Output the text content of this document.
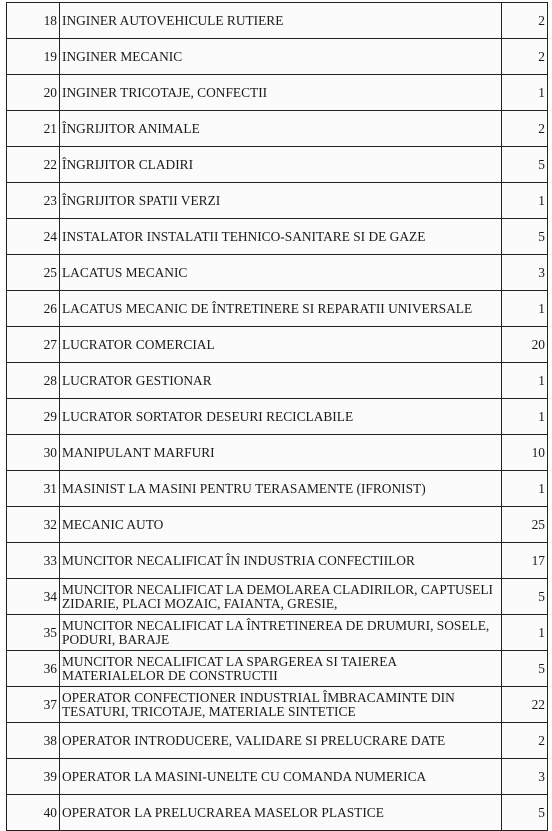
18	INGINER AUTOVEHICULE RUTIERE	2
19	INGINER MECANIC	2
20	INGINER TRICOTAJE, CONFECTII	1
21	ÎNGRIJITOR ANIMALE	2
22	ÎNGRIJITOR CLADIRI	5
23	ÎNGRIJITOR SPATII VERZI	1
24	INSTALATOR INSTALATII TEHNICO-SANITARE SI DE GAZE	5
25	LACATUS MECANIC	3
26	LACATUS MECANIC DE ÎNTRETINERE SI REPARATII UNIVERSALE	1
27	LUCRATOR COMERCIAL	20
28	LUCRATOR GESTIONAR	1
29	LUCRATOR SORTATOR DESEURI RECICLABILE	1
30	MANIPULANT MARFURI	10
31	MASINIST LA MASINI PENTRU TERASAMENTE (IFRONIST)	1
32	MECANIC AUTO	25
33	MUNCITOR NECALIFICAT ÎN INDUSTRIA CONFECTIILOR	17
34	MUNCITOR NECALIFICAT LA DEMOLAREA CLADIRILOR, CAPTUSELI ZIDARIE, PLACI MOZAIC, FAIANTA, GRESIE,	5
35	MUNCITOR NECALIFICAT LA ÎNTRETINEREA DE DRUMURI, SOSELE, PODURI, BARAJE	1
36	MUNCITOR NECALIFICAT LA SPARGEREA SI TAIEREA MATERIALELOR DE CONSTRUCTII	5
37	OPERATOR CONFECTIONER INDUSTRIAL ÎMBRACAMINTE DIN TESATURI, TRICOTAJE, MATERIALE SINTETICE	22
38	OPERATOR INTRODUCERE, VALIDARE SI PRELUCRARE DATE	2
39	OPERATOR LA MASINI-UNELTE CU COMANDA NUMERICA	3
40	OPERATOR LA PRELUCRAREA MASELOR PLASTICE	5
